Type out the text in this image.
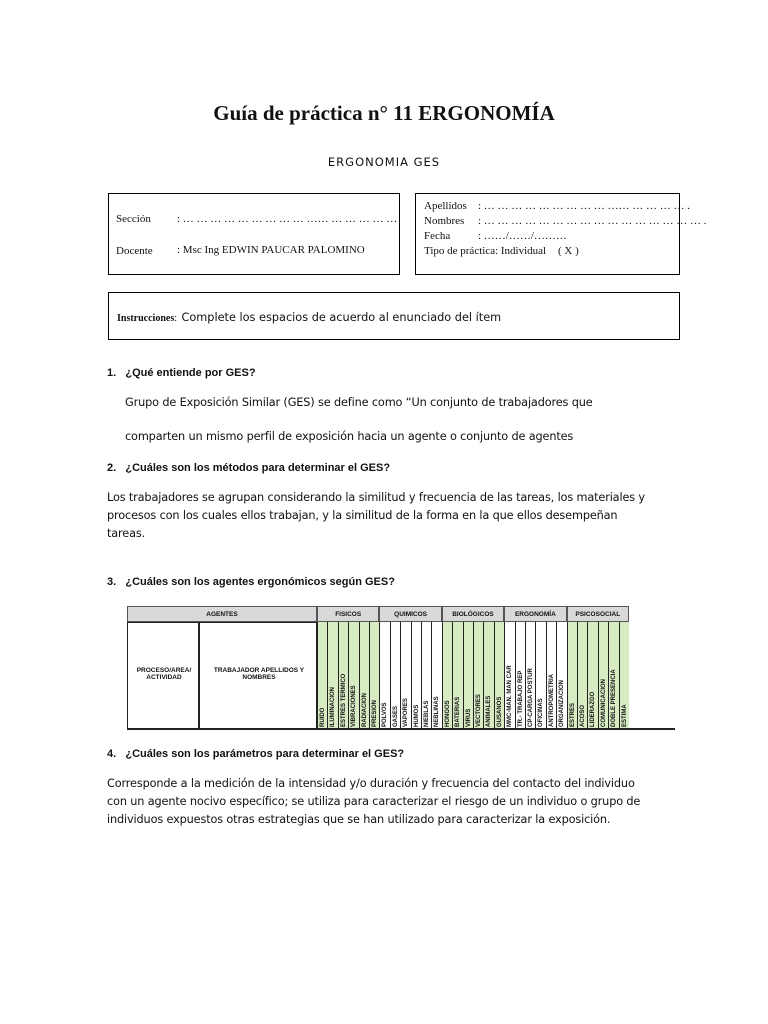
Guía de práctica n° 11 ERGONOMÍA
ERGONOMIA GES
Sección : … … … … … … … … … …… … … … … …
Docente : Msc Ing EDWIN PAUCAR PALOMINO
Apellidos : … … … … … … … … … …… … … … … .
Nombres : … … … … … … … … … … … … … … … … .
Fecha	: ……/……/………
Tipo de práctica: Individual ( X )
Instrucciones: Complete los espacios de acuerdo al enunciado del ítem
1. ¿Qué entiende por GES?
Grupo de Exposición Similar (GES) se define como “Un conjunto de trabajadores que
comparten un mismo perfil de exposición hacia un agente o conjunto de agentes
2. ¿Cuáles son los métodos para determinar el GES?
Los trabajadores se agrupan considerando la similitud y frecuencia de las tareas, los materiales y
procesos con los cuales ellos trabajan, y la similitud de la forma en la que ellos desempeñan
tareas.
3. ¿Cuáles son los agentes ergonómicos según GES?
AGENTES
PROCESO/AREA/ ACTIVIDAD
TRABAJADOR APELLIDOS Y NOMBRES
FISICOS
RUIDO ILUMINACION ESTRES TERMICO VIBRACIONES RADIACION PRESION
QUIMICOS
POLVOS GASES VAPORES HUMOS NIEBLAS NEBLINAS
BIOLÓGICOS
HONGOS BATERIAS VIRUS VECTORES ANIMALES GUSANOS
ERGONOMÍA
MMC-MAN. MAN CAR TR.- TRABAJO REP CP-CARGA POSTUR OFICINAS ANTROPOMETRIA ORGANIZACION
PSICOSOCIAL
ESTRES ACOSO LIDERAZGO COMUNICACION DOBLE PRESENCIA ESTIMA
4. ¿Cuáles son los parámetros para determinar el GES?
Corresponde a la medición de la intensidad y/o duración y frecuencia del contacto del individuo
con un agente nocivo específico; se utiliza para caracterizar el riesgo de un individuo o grupo de
individuos expuestos otras estrategias que se han utilizado para caracterizar la exposición.
